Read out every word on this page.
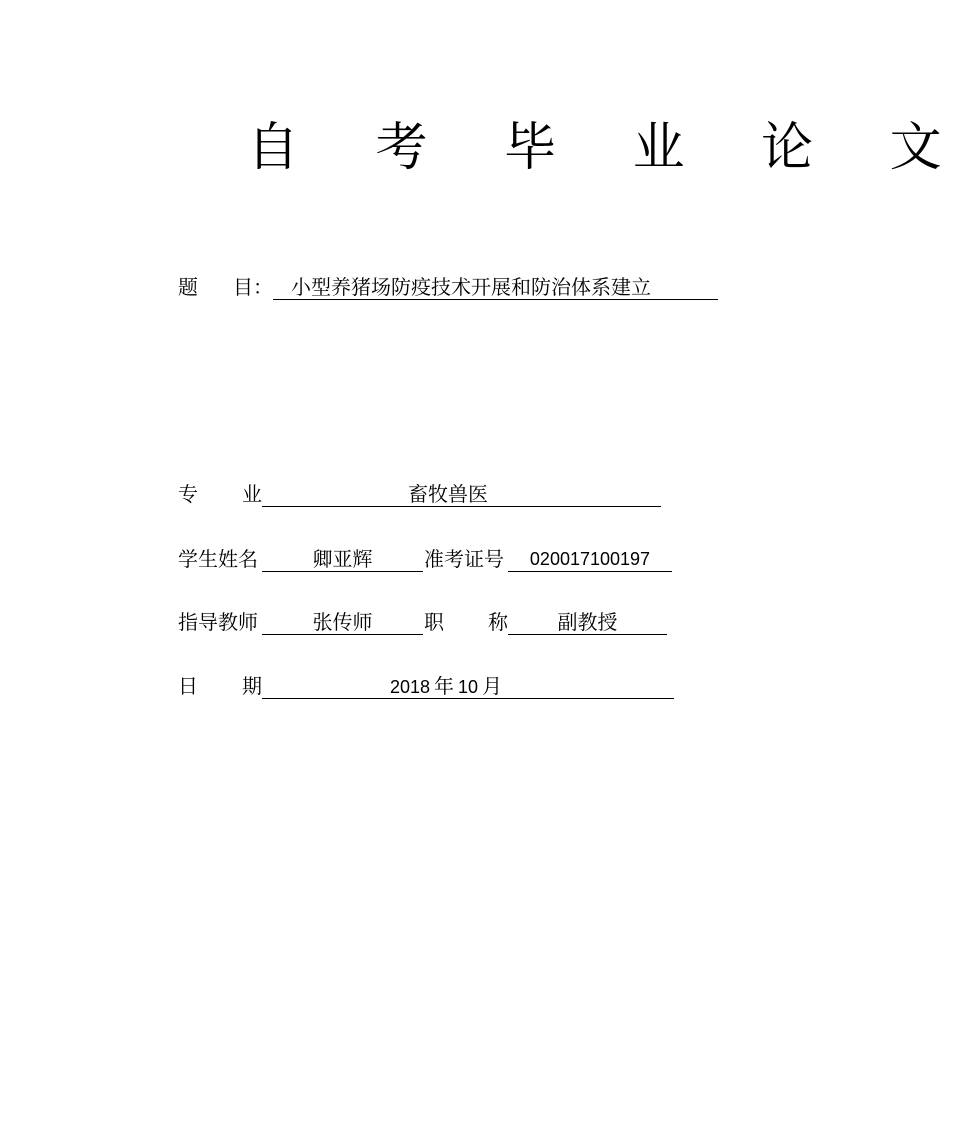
自 考 毕 业 论 文
题 目： 小型养猪场防疫技术开展和防治体系建立
专 业	畜牧兽医
学生姓名	卿亚辉	准考证号	020017100197
指导教师	张传师	职 称	副教授
日 期	2018 年 10 月
